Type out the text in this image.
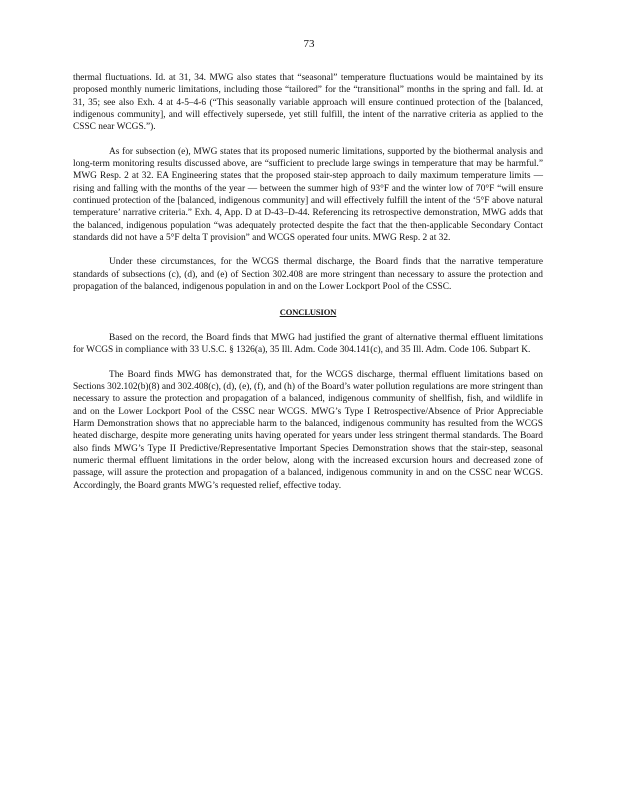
73

thermal fluctuations. Id. at 31, 34. MWG also states that “seasonal” temperature fluctuations would be maintained by its proposed monthly numeric limitations, including those “tailored” for the “transitional” months in the spring and fall. Id. at 31, 35; see also Exh. 4 at 4-5–4-6 (“This seasonally variable approach will ensure continued protection of the [balanced, indigenous community], and will effectively supersede, yet still fulfill, the intent of the narrative criteria as applied to the CSSC near WCGS.”).

As for subsection (e), MWG states that its proposed numeric limitations, supported by the biothermal analysis and long-term monitoring results discussed above, are “sufficient to preclude large swings in temperature that may be harmful.” MWG Resp. 2 at 32. EA Engineering states that the proposed stair-step approach to daily maximum temperature limits — rising and falling with the months of the year — between the summer high of 93°F and the winter low of 70°F “will ensure continued protection of the [balanced, indigenous community] and will effectively fulfill the intent of the ‘5°F above natural temperature’ narrative criteria.” Exh. 4, App. D at D-43–D-44. Referencing its retrospective demonstration, MWG adds that the balanced, indigenous population “was adequately protected despite the fact that the then-applicable Secondary Contact standards did not have a 5°F delta T provision” and WCGS operated four units. MWG Resp. 2 at 32.

Under these circumstances, for the WCGS thermal discharge, the Board finds that the narrative temperature standards of subsections (c), (d), and (e) of Section 302.408 are more stringent than necessary to assure the protection and propagation of the balanced, indigenous population in and on the Lower Lockport Pool of the CSSC.

CONCLUSION

Based on the record, the Board finds that MWG had justified the grant of alternative thermal effluent limitations for WCGS in compliance with 33 U.S.C. § 1326(a), 35 Ill. Adm. Code 304.141(c), and 35 Ill. Adm. Code 106. Subpart K.

The Board finds MWG has demonstrated that, for the WCGS discharge, thermal effluent limitations based on Sections 302.102(b)(8) and 302.408(c), (d), (e), (f), and (h) of the Board’s water pollution regulations are more stringent than necessary to assure the protection and propagation of a balanced, indigenous community of shellfish, fish, and wildlife in and on the Lower Lockport Pool of the CSSC near WCGS. MWG’s Type I Retrospective/Absence of Prior Appreciable Harm Demonstration shows that no appreciable harm to the balanced, indigenous community has resulted from the WCGS heated discharge, despite more generating units having operated for years under less stringent thermal standards. The Board also finds MWG’s Type II Predictive/Representative Important Species Demonstration shows that the stair-step, seasonal numeric thermal effluent limitations in the order below, along with the increased excursion hours and decreased zone of passage, will assure the protection and propagation of a balanced, indigenous community in and on the CSSC near WCGS. Accordingly, the Board grants MWG’s requested relief, effective today.
